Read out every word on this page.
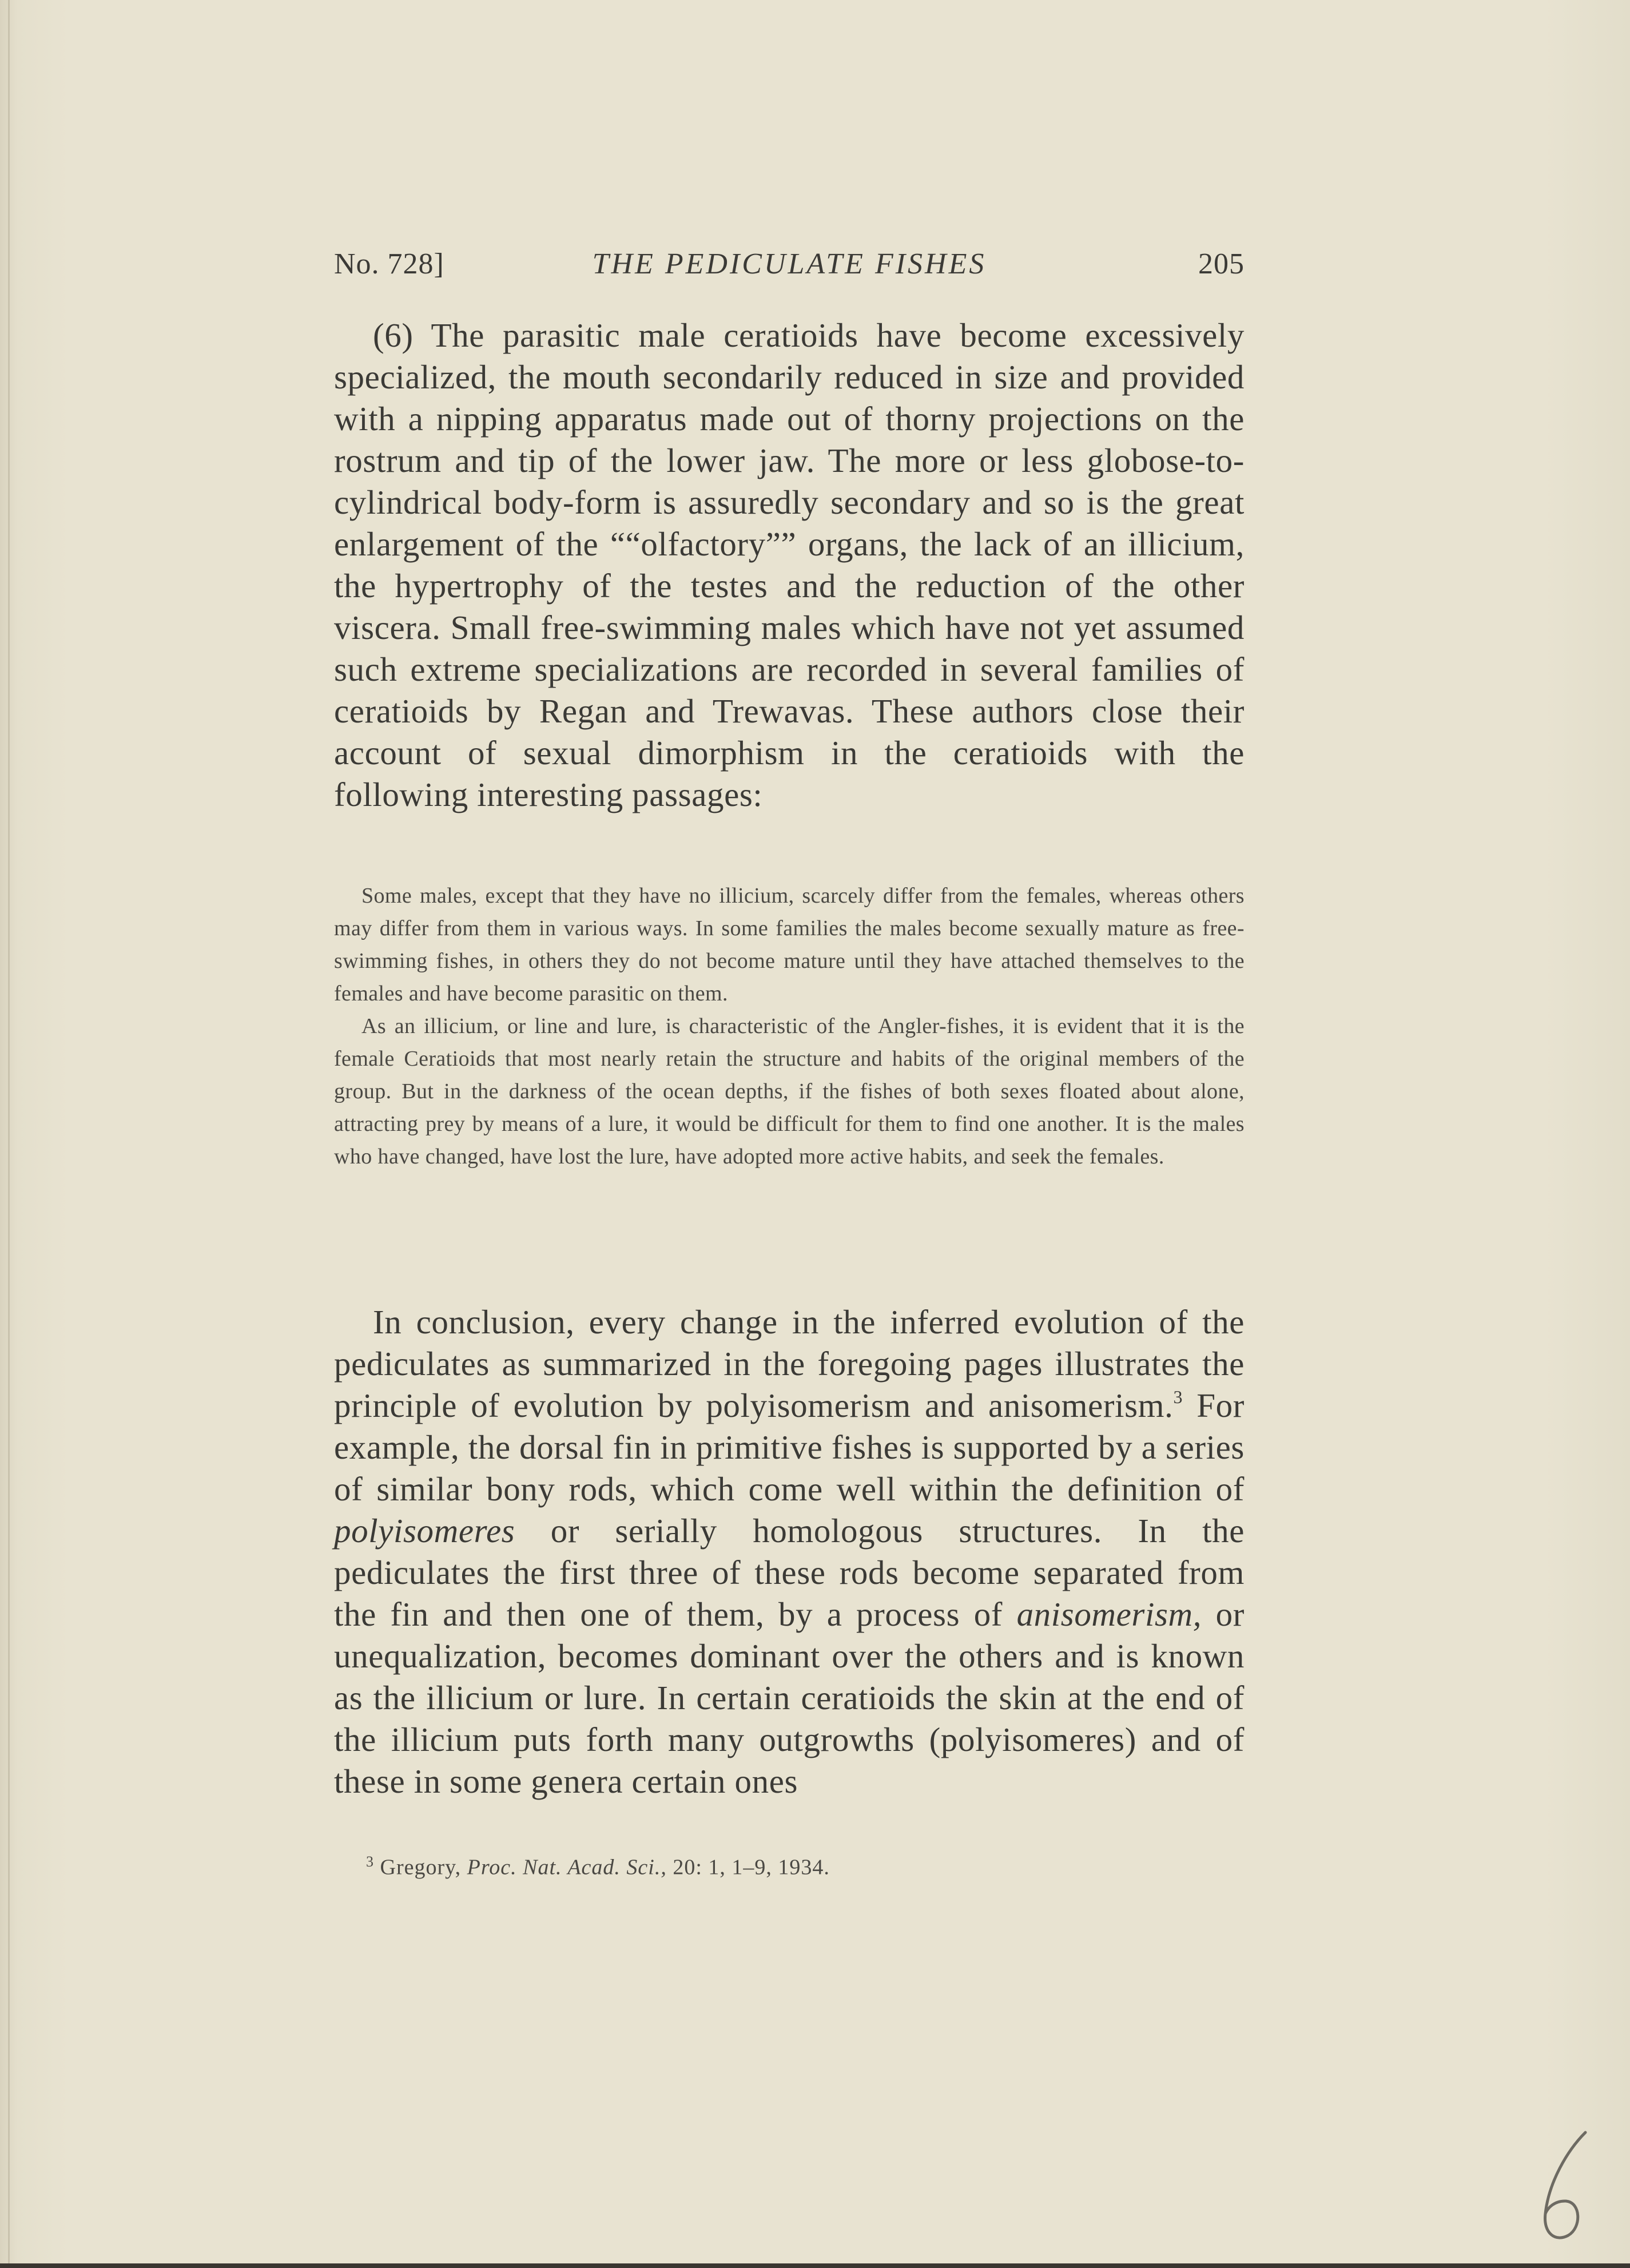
No. 728]	THE PEDICULATE FISHES	205

(6) The parasitic male ceratioids have become excessively specialized, the mouth secondarily reduced in size and provided with a nipping apparatus made out of thorny projections on the rostrum and tip of the lower jaw. The more or less globose-to-cylindrical body-form is assuredly secondary and so is the great enlargement of the ““olfactory”” organs, the lack of an illicium, the hypertrophy of the testes and the reduction of the other viscera. Small free-swimming males which have not yet assumed such extreme specializations are recorded in several families of ceratioids by Regan and Trewavas. These authors close their account of sexual dimorphism in the ceratioids with the following interesting passages:

Some males, except that they have no illicium, scarcely differ from the females, whereas others may differ from them in various ways. In some families the males become sexually mature as free-swimming fishes, in others they do not become mature until they have attached themselves to the females and have become parasitic on them.

As an illicium, or line and lure, is characteristic of the Angler-fishes, it is evident that it is the female Ceratioids that most nearly retain the structure and habits of the original members of the group. But in the darkness of the ocean depths, if the fishes of both sexes floated about alone, attracting prey by means of a lure, it would be difficult for them to find one another. It is the males who have changed, have lost the lure, have adopted more active habits, and seek the females.

In conclusion, every change in the inferred evolution of the pediculates as summarized in the foregoing pages illustrates the principle of evolution by polyisomerism and anisomerism.$^3$ For example, the dorsal fin in primitive fishes is supported by a series of similar bony rods, which come well within the definition of polyisomeres or serially homologous structures. In the pediculates the first three of these rods become separated from the fin and then one of them, by a process of anisomerism, or unequalization, becomes dominant over the others and is known as the illicium or lure. In certain ceratioids the skin at the end of the illicium puts forth many outgrowths (polyisomeres) and of these in some genera certain ones

$^3$ Gregory, Proc. Nat. Acad. Sci., 20: 1, 1–9, 1934.
